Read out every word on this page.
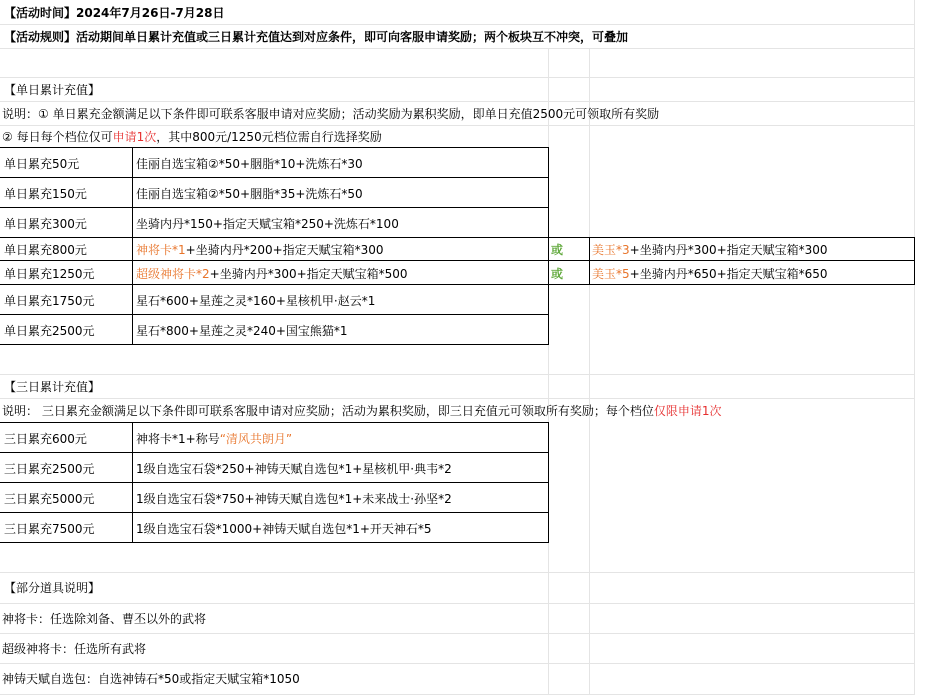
【活动时间】2024年7月26日-7月28日
【活动规则】活动期间单日累计充值或三日累计充值达到对应条件，即可向客服申请奖励；两个板块互不冲突，可叠加
【单日累计充值】
说明：① 单日累充金额满足以下条件即可联系客服申请对应奖励；活动奖励为累积奖励，即单日充值2500元可领取所有奖励
② 每日每个档位仅可 申请1次 ，其中800元/1250元档位需自行选择奖励
单日累充50元	佳丽自选宝箱②*50+胭脂*10+洗炼石*30
单日累充150元	佳丽自选宝箱②*50+胭脂*35+洗炼石*50
单日累充300元	坐骑内丹*150+指定天赋宝箱*250+洗炼石*100
单日累充800元	神将卡*1 +坐骑内丹*200+指定天赋宝箱*300	或 美玉*3 +坐骑内丹*300+指定天赋宝箱*300
单日累充1250元	超级神将卡*2 +坐骑内丹*300+指定天赋宝箱*500	或 美玉*5 +坐骑内丹*650+指定天赋宝箱*650
单日累充1750元	星石*600+星莲之灵*160+星核机甲·赵云*1
单日累充2500元	星石*800+星莲之灵*240+国宝熊猫*1
【三日累计充值】
说明： 三日累充金额满足以下条件即可联系客服申请对应奖励；活动为累积奖励，即三日充值元可领取所有奖励；每个档位 仅限申请1次
三日累充600元	神将卡*1+称号 “清风共朗月”
三日累充2500元	1级自选宝石袋*250+神铸天赋自选包*1+星核机甲·典韦*2
三日累充5000元	1级自选宝石袋*750+神铸天赋自选包*1+未来战士·孙坚*2
三日累充7500元	1级自选宝石袋*1000+神铸天赋自选包*1+开天神石*5
【部分道具说明】
神将卡：任选除刘备、曹丕以外的武将
超级神将卡：任选所有武将
神铸天赋自选包：自选神铸石*50或指定天赋宝箱*1050
